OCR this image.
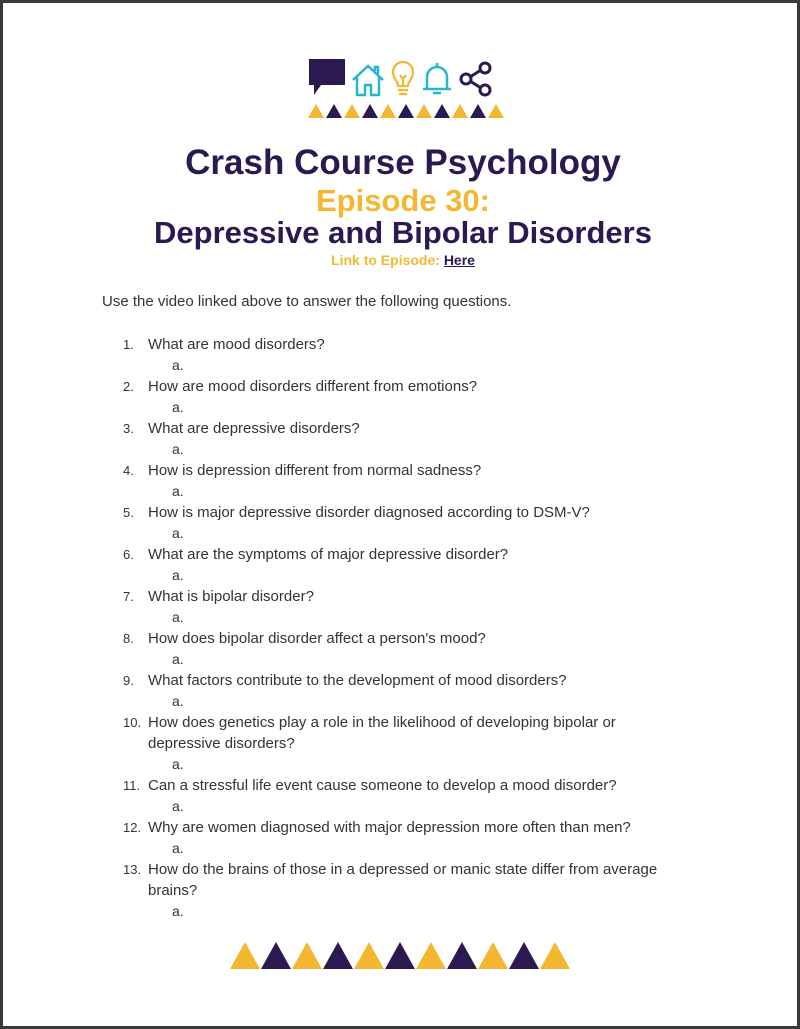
Crash Course Psychology
Episode 30:
Depressive and Bipolar Disorders
Link to Episode: Here
Use the video linked above to answer the following questions.
1. What are mood disorders?
a.
2. How are mood disorders different from emotions?
a.
3. What are depressive disorders?
a.
4. How is depression different from normal sadness?
a.
5. How is major depressive disorder diagnosed according to DSM-V?
a.
6. What are the symptoms of major depressive disorder?
a.
7. What is bipolar disorder?
a.
8. How does bipolar disorder affect a person's mood?
a.
9. What factors contribute to the development of mood disorders?
a.
10. How does genetics play a role in the likelihood of developing bipolar or depressive disorders?
a.
11. Can a stressful life event cause someone to develop a mood disorder?
a.
12. Why are women diagnosed with major depression more often than men?
a.
13. How do the brains of those in a depressed or manic state differ from average brains?
a.
